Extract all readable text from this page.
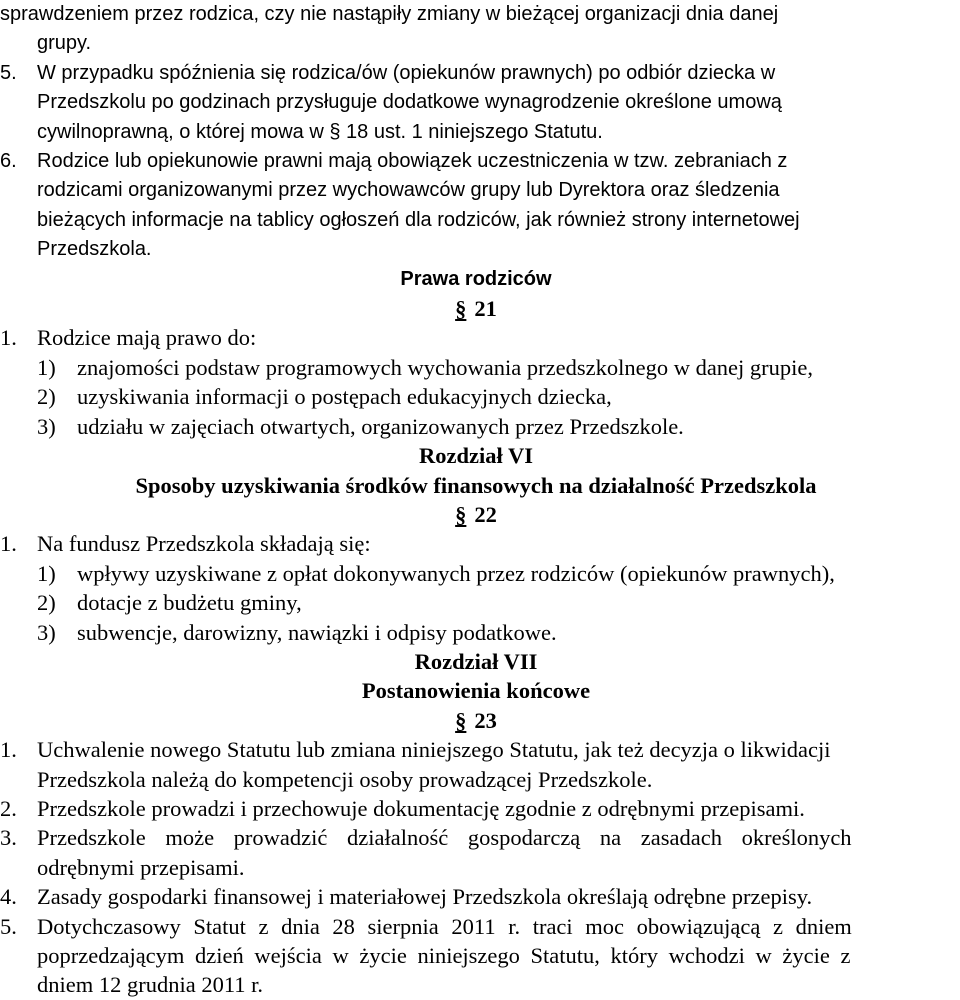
sprawdzeniem przez rodzica, czy nie nastąpiły zmiany w bieżącej organizacji dnia danej

grupy.

5. W przypadku spóźnienia się rodzica/ów (opiekunów prawnych) po odbiór dziecka w

Przedszkolu po godzinach przysługuje dodatkowe wynagrodzenie określone umową

cywilnoprawną, o której mowa w § 18 ust. 1 niniejszego Statutu.

6. Rodzice lub opiekunowie prawni mają obowiązek uczestniczenia w tzw. zebraniach z

rodzicami organizowanymi przez wychowawców grupy lub Dyrektora oraz śledzenia

bieżących informacje na tablicy ogłoszeń dla rodziców, jak również strony internetowej

Przedszkola.

Prawa rodziców

§ 21

1. Rodzice mają prawo do:

1) znajomości podstaw programowych wychowania przedszkolnego w danej grupie,

2) uzyskiwania informacji o postępach edukacyjnych dziecka,

3) udziału w zajęciach otwartych, organizowanych przez Przedszkole.

Rozdział VI

Sposoby uzyskiwania środków finansowych na działalność Przedszkola

§ 22

1. Na fundusz Przedszkola składają się:

1) wpływy uzyskiwane z opłat dokonywanych przez rodziców (opiekunów prawnych),

2) dotacje z budżetu gminy,

3) subwencje, darowizny, nawiązki i odpisy podatkowe.

Rozdział VII

Postanowienia końcowe

§ 23

1. Uchwalenie nowego Statutu lub zmiana niniejszego Statutu, jak też decyzja o likwidacji

Przedszkola należą do kompetencji osoby prowadzącej Przedszkole.

2. Przedszkole prowadzi i przechowuje dokumentację zgodnie z odrębnymi przepisami.

3. Przedszkole może prowadzić działalność gospodarczą na zasadach określonych

odrębnymi przepisami.

4. Zasady gospodarki finansowej i materiałowej Przedszkola określają odrębne przepisy.

5. Dotychczasowy Statut z dnia 28 sierpnia 2011 r. traci moc obowiązującą z dniem

poprzedzającym dzień wejścia w życie niniejszego Statutu, który wchodzi w życie z

dniem 12 grudnia 2011 r.
